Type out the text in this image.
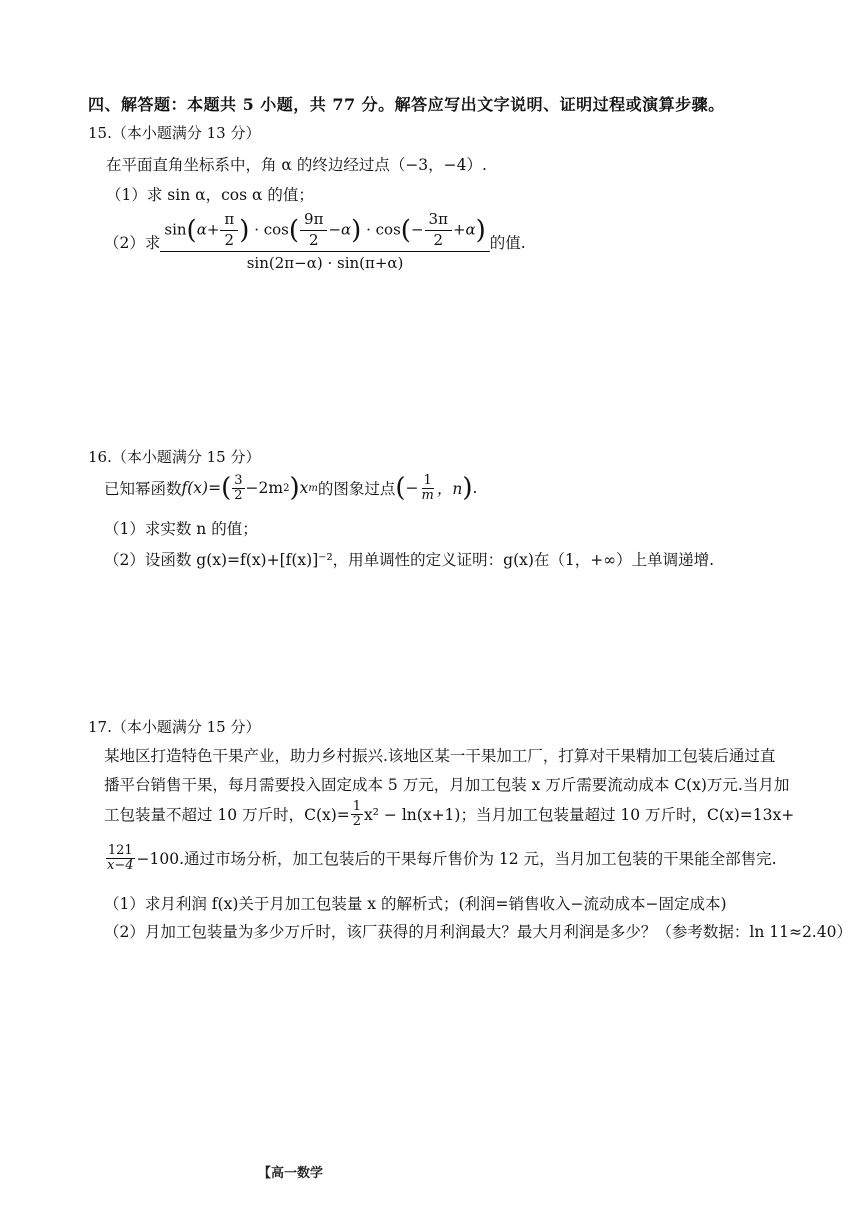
四、解答题：本题共 5 小题，共 77 分。解答应写出文字说明、证明过程或演算步骤。
15.（本小题满分 13 分）
在平面直角坐标系中，角 α 的终边经过点（−3，−4）.
（1）求 sin α，cos α 的值；
（2）求 $\frac{\sin(\alpha+ \frac{\pi}{2} ) \cdot \cos( \frac{9\pi}{2} -\alpha) \cdot \cos(- \frac{3\pi}{2} +\alpha)}{\sin(2\pi-\alpha) \cdot \sin(\pi+\alpha)}$ 的值.
16.（本小题满分 15 分）
已知幂函数 f(x) = ( $\frac{3}{2} -2m$ 2 ) x m 的图象过点 ( − $\frac{1}{m}$ ，n ) .
（1）求实数 n 的值；
（2）设函数 g(x)=f(x)+[f(x)]⁻²，用单调性的定义证明：g(x)在（1，+∞）上单调递增.
17.（本小题满分 15 分）
某地区打造特色干果产业，助力乡村振兴.该地区某一干果加工厂，打算对干果精加工包装后通过直
播平台销售干果，每月需要投入固定成本 5 万元，月加工包装 x 万斤需要流动成本 C(x)万元.当月加
工包装量不超过 10 万斤时，$C(x)= \frac{1}{2} x^2 - \ln(x+1)$；当月加工包装量超过 10 万斤时，C(x)=13x+
$\frac{121}{x-4} -100$.通过市场分析，加工包装后的干果每斤售价为 12 元，当月加工包装的干果能全部售完.
（1）求月利润 f(x)关于月加工包装量 x 的解析式；(利润=销售收入−流动成本−固定成本)
（2）月加工包装量为多少万斤时，该厂获得的月利润最大？最大月利润是多少？（参考数据：ln 11≈2.40）
【高一数学
